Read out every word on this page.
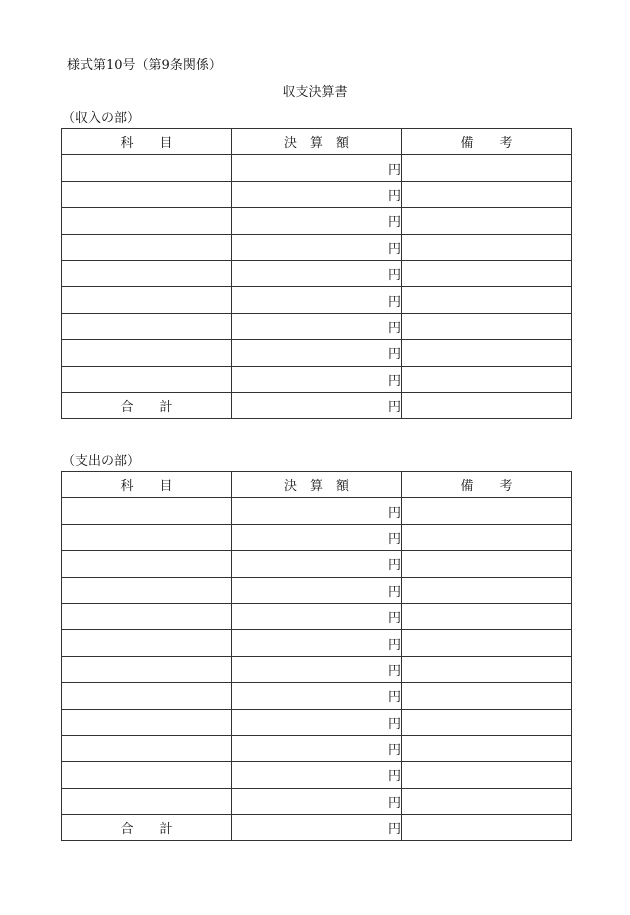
様式第10号（第9条関係）
収支決算書
（収入の部）
科　　目	決　算　額	備　　考
	円	
	円	
	円	
	円	
	円	
	円	
	円	
	円	
	円	
合　　計	円	
（支出の部）
科　　目	決　算　額	備　　考
	円	
	円	
	円	
	円	
	円	
	円	
	円	
	円	
	円	
	円	
	円	
	円	
合　　計	円	
